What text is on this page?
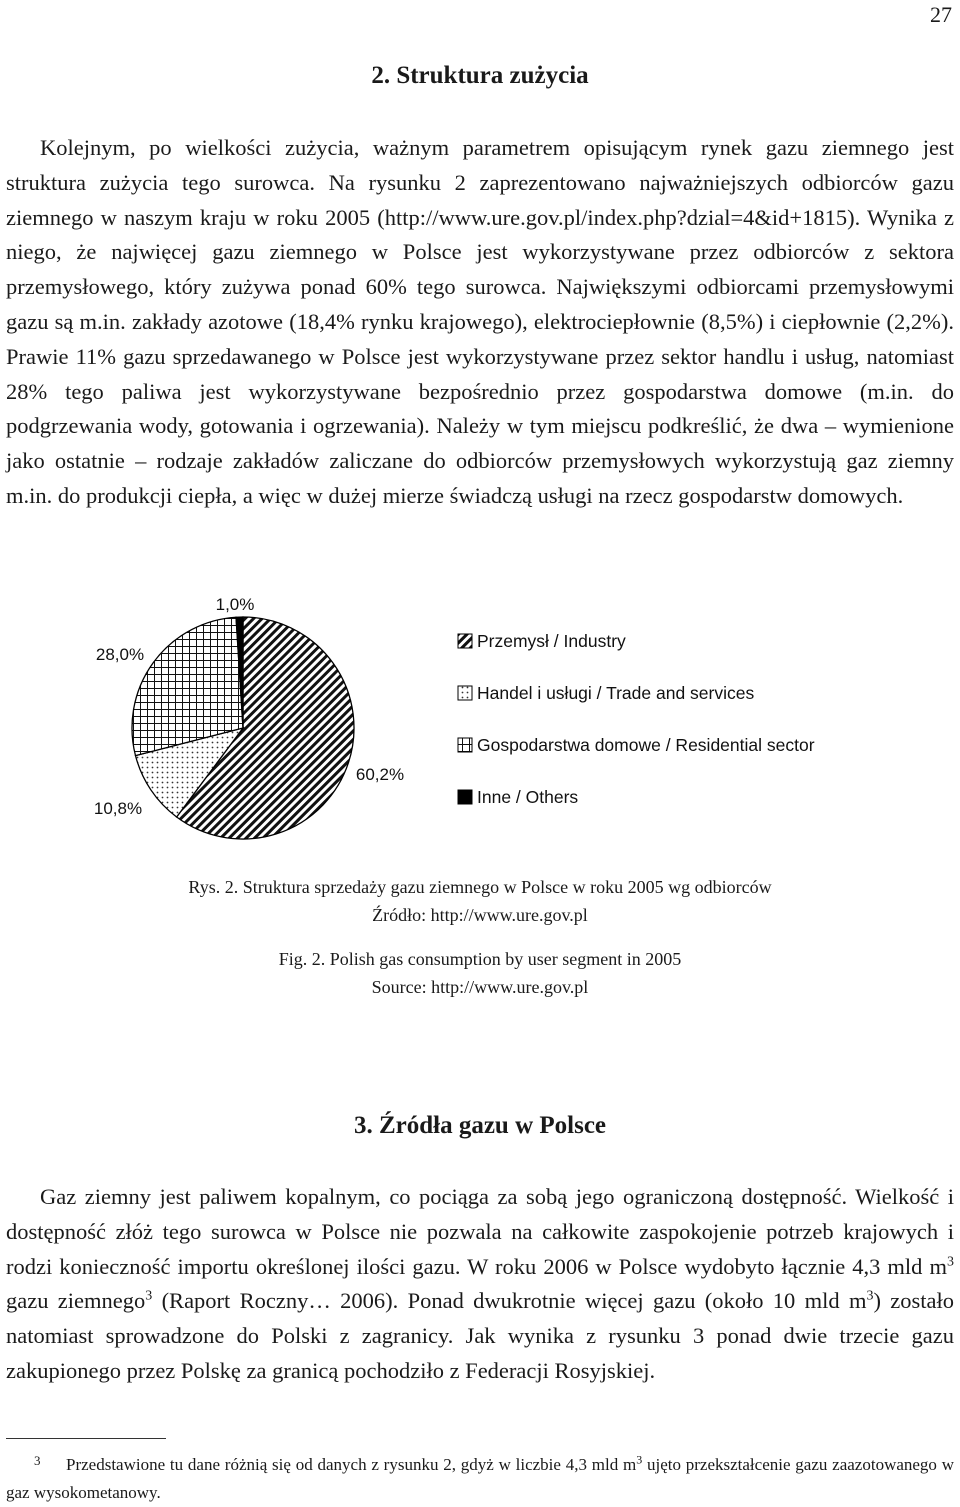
27
2. Struktura zużycia

Kolejnym, po wielkości zużycia, ważnym parametrem opisującym rynek gazu ziemnego jest struktura zużycia tego surowca. Na rysunku 2 zaprezentowano najważniejszych odbiorców gazu ziemnego w naszym kraju w roku 2005 (http://www.ure.gov.pl/index.php?dzial=4&id+1815). Wynika z niego, że najwięcej gazu ziemnego w Polsce jest wykorzystywane przez odbiorców z sektora przemysłowego, który zużywa ponad 60% tego surowca. Największymi odbiorcami przemysłowymi gazu są m.in. zakłady azotowe (18,4% rynku krajowego), elektrociepłownie (8,5%) i ciepłownie (2,2%). Prawie 11% gazu sprzedawanego w Polsce jest wykorzystywane przez sektor handlu i usług, natomiast 28% tego paliwa jest wykorzystywane bezpośrednio przez gospodarstwa domowe (m.in. do podgrzewania wody, gotowania i ogrzewania). Należy w tym miejscu podkreślić, że dwa – wymienione jako ostatnie – rodzaje zakładów zaliczane do odbiorców przemysłowych wykorzystują gaz ziemny m.in. do produkcji ciepła, a więc w dużej mierze świadczą usługi na rzecz gospodarstw domowych.

60,2%
10,8%
28,0%
1,0%
Przemysł / Industry
Handel i usługi / Trade and services
Gospodarstwa domowe / Residential sector
Inne / Others
Rys. 2. Struktura sprzedaży gazu ziemnego w Polsce w roku 2005 wg odbiorców
Źródło: http://www.ure.gov.pl
Fig. 2. Polish gas consumption by user segment in 2005
Source: http://www.ure.gov.pl
3. Źródła gazu w Polsce

Gaz ziemny jest paliwem kopalnym, co pociąga za sobą jego ograniczoną dostępność. Wielkość i dostępność złóż tego surowca w Polsce nie pozwala na całkowite zaspokojenie potrzeb krajowych i rodzi konieczność importu określonej ilości gazu. W roku 2006 w Polsce wydobyto łącznie 4,3 mld $m^3$ gazu ziemnego$^3$ (Raport Roczny… 2006). Ponad dwukrotnie więcej gazu (około 10 mld $m^3$) zostało natomiast sprowadzone do Polski z zagranicy. Jak wynika z rysunku 3 ponad dwie trzecie gazu zakupionego przez Polskę za granicą pochodziło z Federacji Rosyjskiej.

3 Przedstawione tu dane różnią się od danych z rysunku 2, gdyż w liczbie 4,3 mld $m^3$ ujęto przekształcenie gazu zaazotowanego w gaz wysokometanowy.
